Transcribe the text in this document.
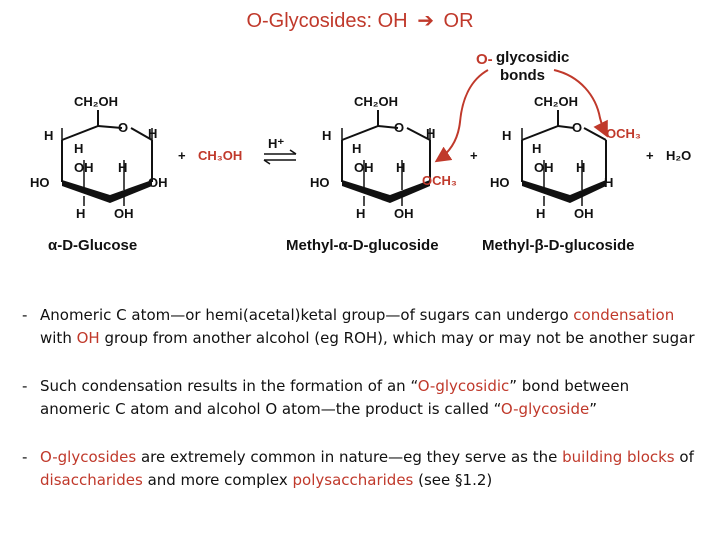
O-Glycosides: OH ➔ OR
CH₂OH
O
H	H
H
OH H
HO	OH
H OH
+ CH₃OH
H⁺
CH₂OH
O
H	H
H
OH H
HO	OCH₃
H OH
+
CH₂OH
O
H	OCH₃
H
OH H
HO	H
H OH
+ H₂O
O- glycosidic
bonds
α-D-Glucose	Methyl-α-D-glucoside	Methyl-β-D-glucoside
- Anomeric C atom—or hemi(acetal)ketal group—of sugars can undergo condensation with OH group from another alcohol (eg ROH), which may or may not be another sugar
- Such condensation results in the formation of an “O-glycosidic” bond between anomeric C atom and alcohol O atom—the product is called “O-glycoside”
- O-glycosides are extremely common in nature—eg they serve as the building blocks of disaccharides and more complex polysaccharides (see §1.2)
